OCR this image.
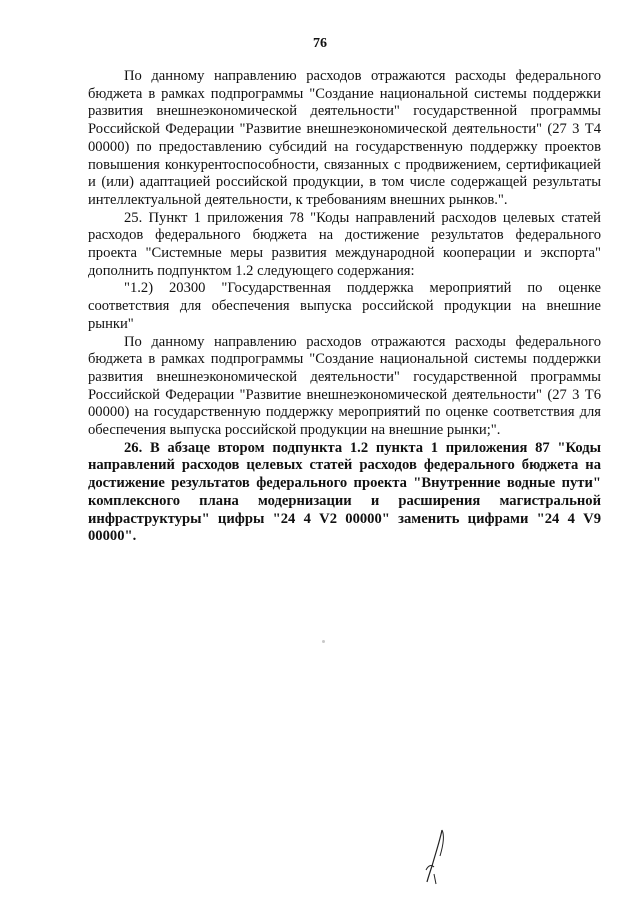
76

По данному направлению расходов отражаются расходы федерального бюджета в рамках подпрограммы "Создание национальной системы поддержки развития внешнеэкономической деятельности" государственной программы Российской Федерации "Развитие внешнеэкономической деятельности" (27 3 Т4 00000) по предоставлению субсидий на государственную поддержку проектов повышения конкурентоспособности, связанных с продвижением, сертификацией и (или) адаптацией российской продукции, в том числе содержащей результаты интеллектуальной деятельности, к требованиям внешних рынков.".

25. Пункт 1 приложения 78 "Коды направлений расходов целевых статей расходов федерального бюджета на достижение результатов федерального проекта "Системные меры развития международной кооперации и экспорта" дополнить подпунктом 1.2 следующего содержания:

"1.2) 20300 "Государственная поддержка мероприятий по оценке соответствия для обеспечения выпуска российской продукции на внешние рынки"

По данному направлению расходов отражаются расходы федерального бюджета в рамках подпрограммы "Создание национальной системы поддержки развития внешнеэкономической деятельности" государственной программы Российской Федерации "Развитие внешнеэкономической деятельности" (27 3 Т6 00000) на государственную поддержку мероприятий по оценке соответствия для обеспечения выпуска российской продукции на внешние рынки;".

26. В абзаце втором подпункта 1.2 пункта 1 приложения 87 "Коды направлений расходов целевых статей расходов федерального бюджета на достижение результатов федерального проекта "Внутренние водные пути" комплексного плана модернизации и расширения магистральной инфраструктуры" цифры "24 4 V2 00000" заменить цифрами "24 4 V9 00000".
